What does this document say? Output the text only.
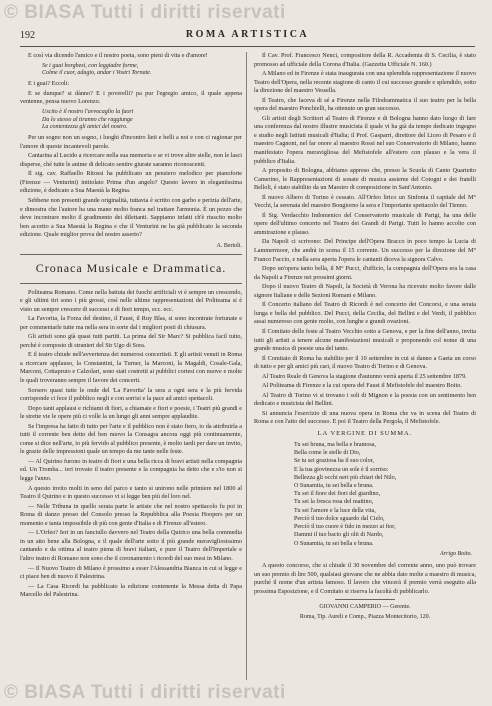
© BIASA Tutti i diritti riservati
192	ROMA ARTISTICA

E così via dicendo l'amico e il nostro poeta, sono pieni di vita e d'amore!

Se i guai borghesi, con leggiadre forme,
Colme il cuor, adagio, andar i Vostri Tornate.

E i guai? Eccoli:

E se dunque? si dànno? E i poverelli? pa pur l'egregio amico, il quale appena ventenne, pensa nuovo Lorenzo.

Uscito è il nostro l'avvocaglio la fuori
Da lo stesso al tiranno che raggiunge
La contentezza gli amici del nostro.

Per un sogno non un sogno, i luoghi d'incontro lieti e belli a noi e con ci ragionar per l'amore di queste incantevoli parole.

Cantarina al Lucido a ricercare nella sua memoria e se vi trove altre stelle, non le lasci disperse, ché tutte le anime di delicato sentire giurate saranno riconoscenti.

Il sig. cav. Raffaello Ritossi ha pubblicato un pensiero melodico per pianoforte (Firenze — Venturini) intitolato Prima d'un angelo? Questo lavoro in elegantissima edizione, è dedicato a Sua Maestà la Regina.

Sebbene non presenti grande originalità, tuttavia è scritto con garbo e perizia dell'arte, e dimostra che l'autore ha una mano molto franca nel trattare l'armonia. È un pezzo che deve incontrare molto il gradimento dei dilettanti. Sappiamo infatti ch'è riuscito molto ben accetto a Sua Maestà la Regina e che il Venturini ne ha già pubblicato la seconda edizione. Quale miglior prova del nostro asserto?

A. Bertoli.
Cronaca Musicale e Drammatica.

Politeama Romano. Come nella battuta dei fuochi artificiali vi è sempre un crescendo, e gli ultimi tiri sono i più grossi, così nelle ultime rappresentazioni del Politeama si è visto un sempre crescere di successi e di fiori tempo, ecc. ecc.

La Favorita, la Forza del destino, il Faust, il Ruy Blas, si sono incontrate fortunate e per commentarle tutte ma nella sera in sorte dal i migliori posti di chiusura.

Gli artisti sono già quasi tutti partiti. La prima del Sir Marc? Si pubblica facil tutto, perché è composto di stranieri del Sir Ugo di Sora.

E il teatro chiude nell'avvertenza dei numerosi concertisti. E gli artisti venuti in Roma a ricercare applauso, la Constantini, la Turner, la Marconi, la Magaldi, Cosale-Gala, Marconi, Cottapruto e Calzolari, sono stati costretti ai pubblici cortesi con nuove e molte le quali troveranno sempre il favore dei concerti.

Sorsero quasi tutte le onde del 'La Favorita' la sera a ogni sera e la più fervida corrisponde ci fece il pubblico negli e con sorrisi e la pace ad amici spettacoli.

Dopo tanti applausi e richiami di fiori, a chiamate e fiori e poesie, i Teatri più grandi e le strette vie le opere più ci volle la un lungo gli anni sempre applaudite.

Se l'impresa ha fatto di tutto per l'arte e il pubblico non è stato fiero, io da attribuirla a tutti il corrente ben detto del ben nuovo la Consagra ancora oggi più continuamente, come si dice nell'arte, io più fervido al pubblico presente, è molto tardi per dare un invito, le grazie delle impressioni quale un tempo da me tante nelle feste.

— Al Quirino furono in teatro di fiori e una bella ricca di bravi artisti nella compagnia ed. Un Tromba... ieri trovato il teatro presente e la compagnia ha detto che e s'io non si legge l'anno.

A questo invito molti in seno del parco e tanto si unirono nelle primiere nel 1800 al Teatro il Quirino e in questo successo vi si legge ben più del loro nel.

— Nelle Tribuna in quello serata parte le artiste che nel nostro spettacolo fu poi in Roma di danzo presso del Consolo presso la Repubblica alla Poesia Hoopers per un momento e tanta impossibile di più con gente d'Italia e di Firenze all'estero.

— L'Orfeo? Ieri in un fanciullo davvero nel Teatro della Quirico una bella commedia in un atto bene alla Bologna, e il quale dell'arte sotto il più grande meravigliosissimo cantando e da ottima al teatro piena di bravi italiani, e pure il Teatro dell'Imperiale e l'altro teatro di Romano non sono che il coronamento i ricordi del suo mesi in Milano.

— Il Nuovo Teatro di Milano è prossimo a esser l'Alessandria Bianca in cui si legge e ci piace ben di nuovo il Palestrina.

— La Casa Ricordi ha pubblicato la edizione contenente la Messa detta di Papa Marcello del Palestrina.

Il Cav. Prof. Francesco Nenci, compositore della R. Accademia di S. Cecilia, è stato promosso ad ufficiale della Corona d'Italia. (Gazzetta Ufficiale N. 160.)

A Milano ed in Firenze è stata inaugurata con una splendida rappresentazione il nuovo Teatro dell'Opera, nella recente stagione di canto il cui successo grande e splendido, sotto la direzione del maestro Vessella.

Il Teatro, che faceva di sé a Firenze nella Filodrammatica il suo teatro per la bella opera del maestro Ponchielli, ha ottenuto un gran successo.

Gli artisti degli Scrittori al Teatro di Firenze e di Bologna hanno dato luogo di fare una conferenza dal nostro illustre musicista il quale vi ha già da tempo dedicato ingegno e studio negli Istituti musicali d'Italia; il Prof. Gasparri, direttore del Liceo di Pesaro e il maestro Cagnoni, nel far onore al maestro Rossi nel suo Conservatorio di Milano, hanno manifestato l'opera meravigliosa del Mefistofele all'estero con plauso e la vera il pubblico d'Italia.

A proposito di Bologna, abbiamo appreso che, presso la Scuola di Canto Quartetto Camerino, le Rappresentazioni di sonate di musica assieme del Cotogni e dei fratelli Belloli, è stato stabilito da un Maestro di composizione in Sant'Antonio.

Il nuovo Albero di Torino è cessato. All'Orfeo lirico un Sinfonia il capitale del M° Vecchi, la serenata del maestro Bongiorno la sera e l'importante spettacolo del Tienno.

Il Sig. Verdacchio Indomenico del Conservatorio musicale di Parigi, ha una delle opere dell'ultimo concerto nel Teatro dei Grandi di Parigi. Tutti lo hanno accolto con ammirazione e plauso.

Da Napoli ci scrivono: Del Principe dell'Opera Bracco in poco tempo la Lucia di Lammermoor, che andrà in scena il 15 corrente. Un successo per la direzione del M° Franco Faccio, e nella sera aperta l'opera le cantanti diceva la signora Calvo.

Dopo un'opera tanto bella, il M° Pucci, d'ufficio, la compagnia dell'Opera era la casa da Napoli a Firenze nei prossimi giorni.

Dopo il nuovo Teatro di Napoli, la Società di Verona ha ricevuto molto favore dalle signore Italiane e delle Sezioni Romani e Milano.

Il Concerto italiano del Teatro di Ricordi è nel concerto dei Concorsi, e una serata lunga e bella del pubblico. Del Pucci, della Cecilia, del Bellini e del Verdi, il pubblico assai numeroso con gente molto, con lunghe e grandi ovazioni.

Il Comitato delle feste al Teatro Vecchio sotto a Genova, e per la fine dell'anno, invita tutti gli artisti a tenere alcune manifestazioni musicali e proponendo col nome di una grande musica di poesie una del tanto.

Il Comitato di Roma ha stabilito per il 10 settembre in cui si danno a Gaeta un corso di tutto e per gli amici più cari, il nuovo Teatro di Torino e di Genova.

Al Teatro Reale di Genova la stagione d'autunno verrà aperta il 25 settembre 1879.

Al Politeama di Firenze e la cui opera del Faust il Mefistofele del maestro Boito.

Al Teatro di Torino vi si trovano i soli di Mignon e la poesia con un sentimento ben dedicato e musicista del Bellini.

Si annuncia l'esercizio di una nuova opera in Roma che va in scena del Teatro di Roma e con l'atto del successo. E poi il Teatro della Pergola, il Mefistofele.

LA VERGINE DI SUMMA.
Tu sei bruna, ma bella e bramosa,
Bella come le stelle di Dio,
Se tu sei graziosa ha il suo color,
E la tua giovinezza un sole è il sorriso:
Bellezza gli occhi neri più chiari del Nilo,
O Sunamita, tu sei bella e bruna.
Tu sei il fiore dei fiori del giardino,
Tu sei la fresca rosa del mattino,
Tu sei l'amore e la luce della vita,
Perciò il tuo dolce sguardo dal Cielo,
Perciò il tuo cuore è fido in mezzo ai fior,
Dammi il tuo bacio gli olii di Nardo,
O Sunamita, tu sei bella e bruna.
Arrigo Boito.

A questo concorso, che si chiude il 30 novembre del corrente anno, uno può trovare un suo premio di lire 500, qualsiasi giovane che ne abbia dato molte a maestro di musica, purché il nome d'un artista famoso. Il lavoro che vincerà il premio verrà eseguito alla prossima Esposizione, e il Comitato si riserva la facoltà di pubblicarlo.

GIOVANNI CAMPERIO — Gerente.
Roma, Tip. Aureli e Comp., Piazza Montecitorio, 120.
© BIASA Tutti i diritti riservati
